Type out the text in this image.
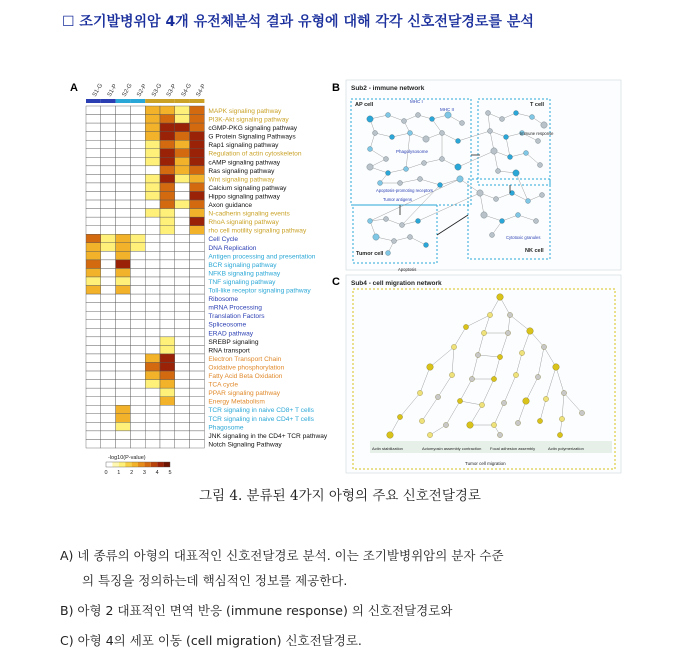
☐ 조기발병위암 4개 유전체분석 결과 유형에 대해 각각 신호전달경로를 분석
A S1-G S1-P S2-G S2-P S3-G S3-P S4-G S4-P
MAPK signaling pathway
PI3K-Akt signaling pathway
cGMP-PKG signaling pathway
G Protein Signaling Pathways
Rap1 signaling pathway
Regulation of actin cytoskeleton
cAMP signaling pathway
Ras signaling pathway
Wnt signaling pathway
Calcium signaling pathway
Hippo signaling pathway
Axon guidance
N-cadherin signaling events
RhoA signaling pathway
rho cell motility signaling pathway
Cell Cycle
DNA Replication
Antigen processing and presentation
BCR signaling pathway
NFKB signaling pathway
TNF signaling pathway
Toll-like receptor signaling pathway
Ribosome
mRNA Processing
Translation Factors
Spliceosome
ERAD pathway
SREBP signaling
RNA transport
Electron Transport Chain
Oxidative phosphorylation
Fatty Acid Beta Oxidation
TCA cycle
PPAR signaling pathway
Energy Metabolism
TCR signaling in naive CD8+ T cells
TCR signaling in naive CD4+ T cells
Phagosome
JNK signaling in the CD4+ TCR pathway
Notch Signaling Pathway
-log10(P-value)
0 1 2 3 4 5
B Sub2 - immune network
AP cell	T cell
Tumor cell	NK cell
MHC I
MHC II
Phagolysosome
Apoptosis-promoting receptors
Tumor antigens
Immune response
Cytotoxic granules
Apoptosis
C Sub4 - cell migration network
Actin stabilization	Actomyosin assembly contraction Focal adhesion assembly	Actin polymerization
Tumor cell migration
그림 4. 분류된 4가지 아형의 주요 신호전달경로
A) 네 종류의 아형의 대표적인 신호전달경로 분석. 이는 조기발병위암의 분자 수준
의 특징을 정의하는데 핵심적인 정보를 제공한다.
B) 아형 2 대표적인 면역 반응 (immune response) 의 신호전달경로와
C) 아형 4의 세포 이동 (cell migration) 신호전달경로.
